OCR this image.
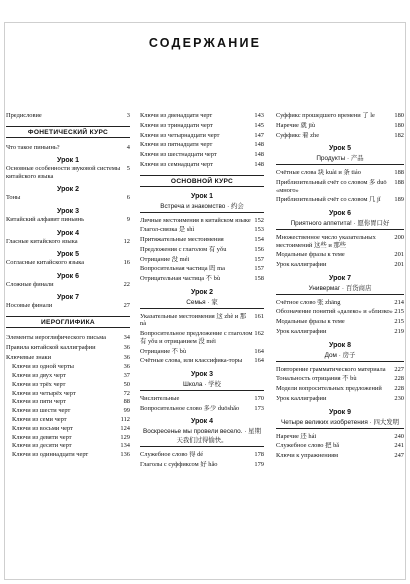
СОДЕРЖАНИЕ
3
Предисловие
ФОНЕТИЧЕСКИЙ КУРС
4
Что такое пиньинь?
Урок 1
5
Основные особенности звуковой системы китайского языка
Урок 2
6
Тоны
Урок 3
9
Китайский алфавит пиньинь
Урок 4
12
Гласные китайского языка
Урок 5
16
Согласные китайского языка
Урок 6
22
Сложные финали
Урок 7
27
Носовые финали
ИЕРОГЛИФИКА
34
Элементы иероглифического письма
36
Правила китайской каллиграфии
36
Ключевые знаки
36
Ключи из одной черты
37
Ключи из двух черт
50
Ключи из трёх черт
72
Ключи из четырёх черт
88
Ключи из пяти черт
99
Ключи из шести черт
112
Ключи из семи черт
124
Ключи из восьми черт
129
Ключи из девяти черт
134
Ключи из десяти черт
136
Ключи из одиннадцати черт
143
Ключи из двенадцати черт
145
Ключи из тринадцати черт
147
Ключи из четырнадцати черт
148
Ключи из пятнадцати черт
148
Ключи из шестнадцати черт
148
Ключи из семнадцати черт
ОСНОВНОЙ КУРС
Урок 1
Встреча и знакомство · 约会
152
Личные местоимения в китайском языке
153
Глагол-связка 是 shì
154
Притяжательные местоимения
156
Предложения с глаголом 有 yǒu
157
Отрицание 没 méi
157
Вопросительная частица 吗 ma
158
Отрицательная частица 不 bù
Урок 2
Семья · 家
161
Указательные местоимения 这 zhè и 那 nà
162
Вопросительное предложение с глаголом 有 yǒu и отрицанием 没 méi
164
Отрицание 不 bù
164
Счётные слова, или классифика-торы
Урок 3
Школа · 学校
170
Числительные
173
Вопросительное слово 多少 duōshǎo
Урок 4
Воскресенье мы провели весело. · 星期天我们过得愉快。
178
Служебное слово 得 dé
179
Глаголы с суффиксом 好 hǎo
180
Суффикс прошедшего времени 了 le
180
Наречие 就 jiù
182
Суффикс 着 zhe
Урок 5
Продукты · 产品
188
Счётные слова 块 kuài и 条 tiáo
188
Приблизительный счёт со словом 多 duō «много»
189
Приблизительный счёт со словом 几 jǐ
Урок 6
Приятного аппетита! · 愿你胃口好
200
Множественное число указательных местоимений 这些 и 那些
201
Модальные фразы к теме
201
Урок каллиграфии
Урок 7
Универмаг · 百货商店
214
Счётное слово 张 zhāng
215
Обозначение понятий «далеко» и «близко»
215
Модальные фразы к теме
219
Урок каллиграфии
Урок 8
Дом · 房子
227
Повторение грамматического материала
228
Тональность отрицания 不 bù
228
Модели вопросительных предложений
230
Урок каллиграфии
Урок 9
Четыре великих изобретения · 四大发明
240
Наречие 还 hái
241
Служебное слово 把 bǎ
247
Ключи к упражнениям
